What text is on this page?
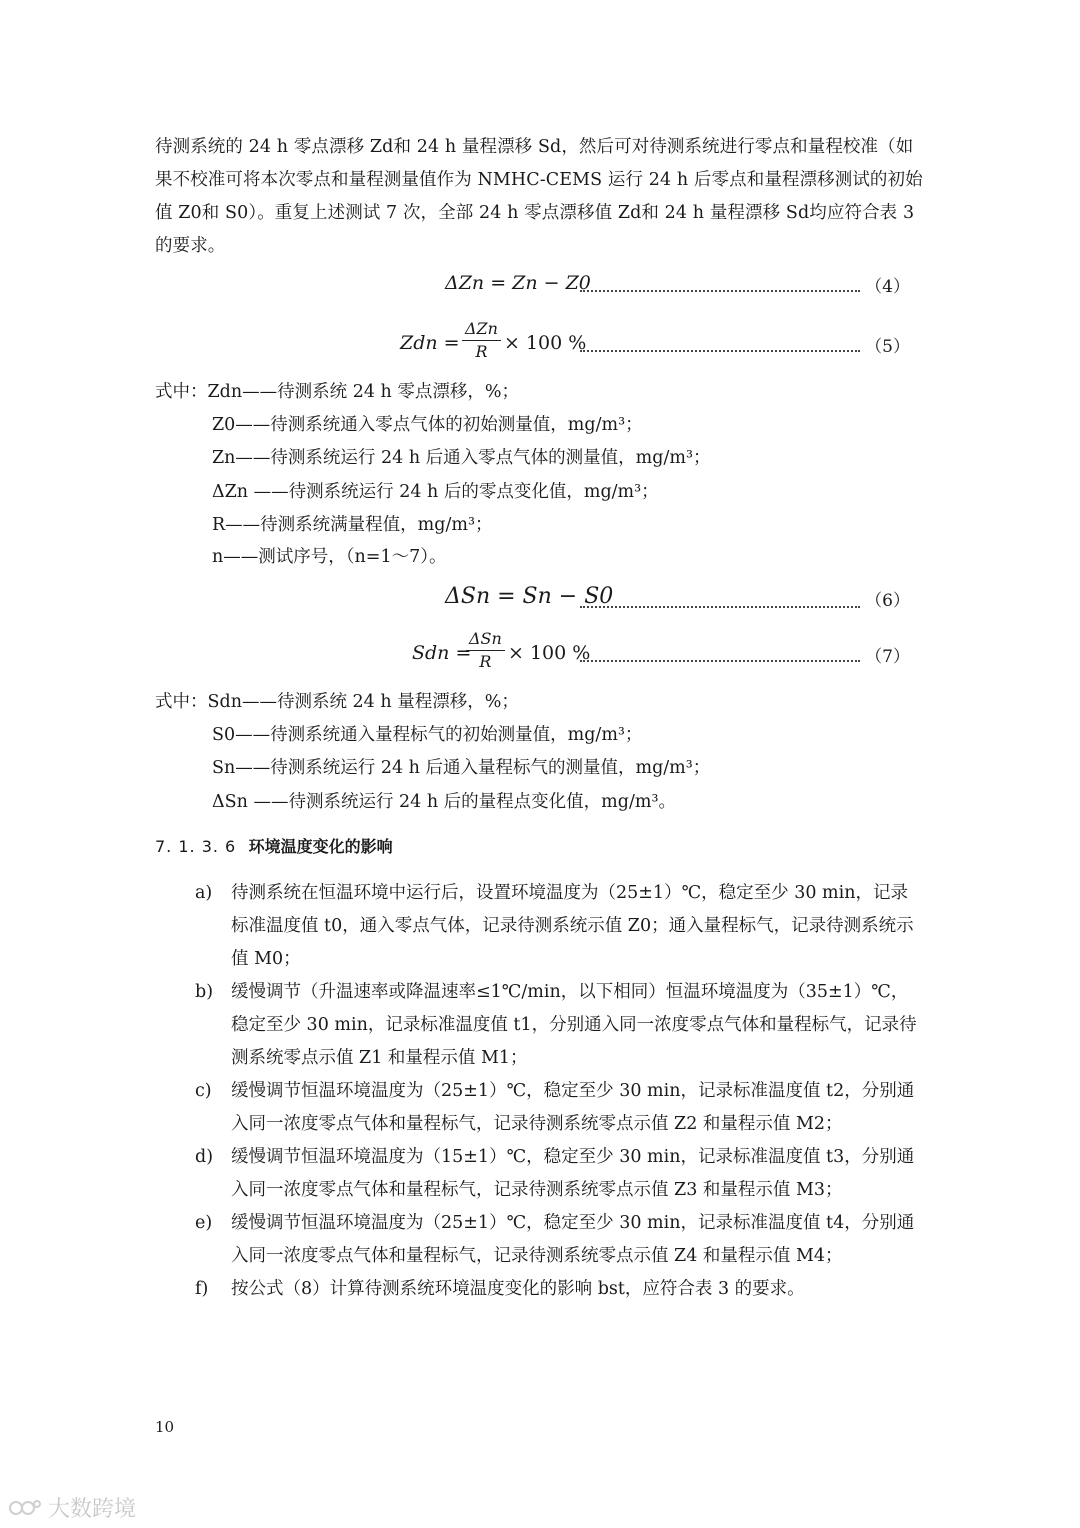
待测系统的 24 h 零点漂移 Zd和 24 h 量程漂移 Sd，然后可对待测系统进行零点和量程校准（如果不校准可将本次零点和量程测量值作为 NMHC-CEMS 运行 24 h 后零点和量程漂移测试的初始值 Z0和 S0）。重复上述测试 7 次，全部 24 h 零点漂移值 Zd和 24 h 量程漂移 Sd均应符合表 3 的要求。

ΔZn = Zn − Z0	（4）
Zdn =
ΔZn
R × 100 %	（5）
式中：Zdn——待测系统 24 h 零点漂移，%；
Z0——待测系统通入零点气体的初始测量值，mg/m³；
Zn——待测系统运行 24 h 后通入零点气体的测量值，mg/m³；
ΔZn ——待测系统运行 24 h 后的零点变化值，mg/m³；
R——待测系统满量程值，mg/m³；
n——测试序号，（n=1～7）。
ΔSn = Sn − S0	（6）
Sdn =
ΔSn
R × 100 %	（7）
式中：Sdn——待测系统 24 h 量程漂移，%；
S0——待测系统通入量程标气的初始测量值，mg/m³；
Sn——待测系统运行 24 h 后通入量程标气的测量值，mg/m³；
ΔSn ——待测系统运行 24 h 后的量程点变化值，mg/m³。
7. 1. 3. 6 环境温度变化的影响
a)	待测系统在恒温环境中运行后，设置环境温度为（25±1）℃，稳定至少 30 min，记录标准温度值 t0，通入零点气体，记录待测系统示值 Z0；通入量程标气，记录待测系统示值 M0；
b)	缓慢调节（升温速率或降温速率≤1℃/min，以下相同）恒温环境温度为（35±1）℃，稳定至少 30 min，记录标准温度值 t1，分别通入同一浓度零点气体和量程标气，记录待测系统零点示值 Z1 和量程示值 M1；
c)	缓慢调节恒温环境温度为（25±1）℃，稳定至少 30 min，记录标准温度值 t2，分别通入同一浓度零点气体和量程标气，记录待测系统零点示值 Z2 和量程示值 M2；
d)	缓慢调节恒温环境温度为（15±1）℃，稳定至少 30 min，记录标准温度值 t3，分别通入同一浓度零点气体和量程标气，记录待测系统零点示值 Z3 和量程示值 M3；
e)	缓慢调节恒温环境温度为（25±1）℃，稳定至少 30 min，记录标准温度值 t4，分别通入同一浓度零点气体和量程标气，记录待测系统零点示值 Z4 和量程示值 M4；
f)	按公式（8）计算待测系统环境温度变化的影响 bst，应符合表 3 的要求。
10
大数跨境
